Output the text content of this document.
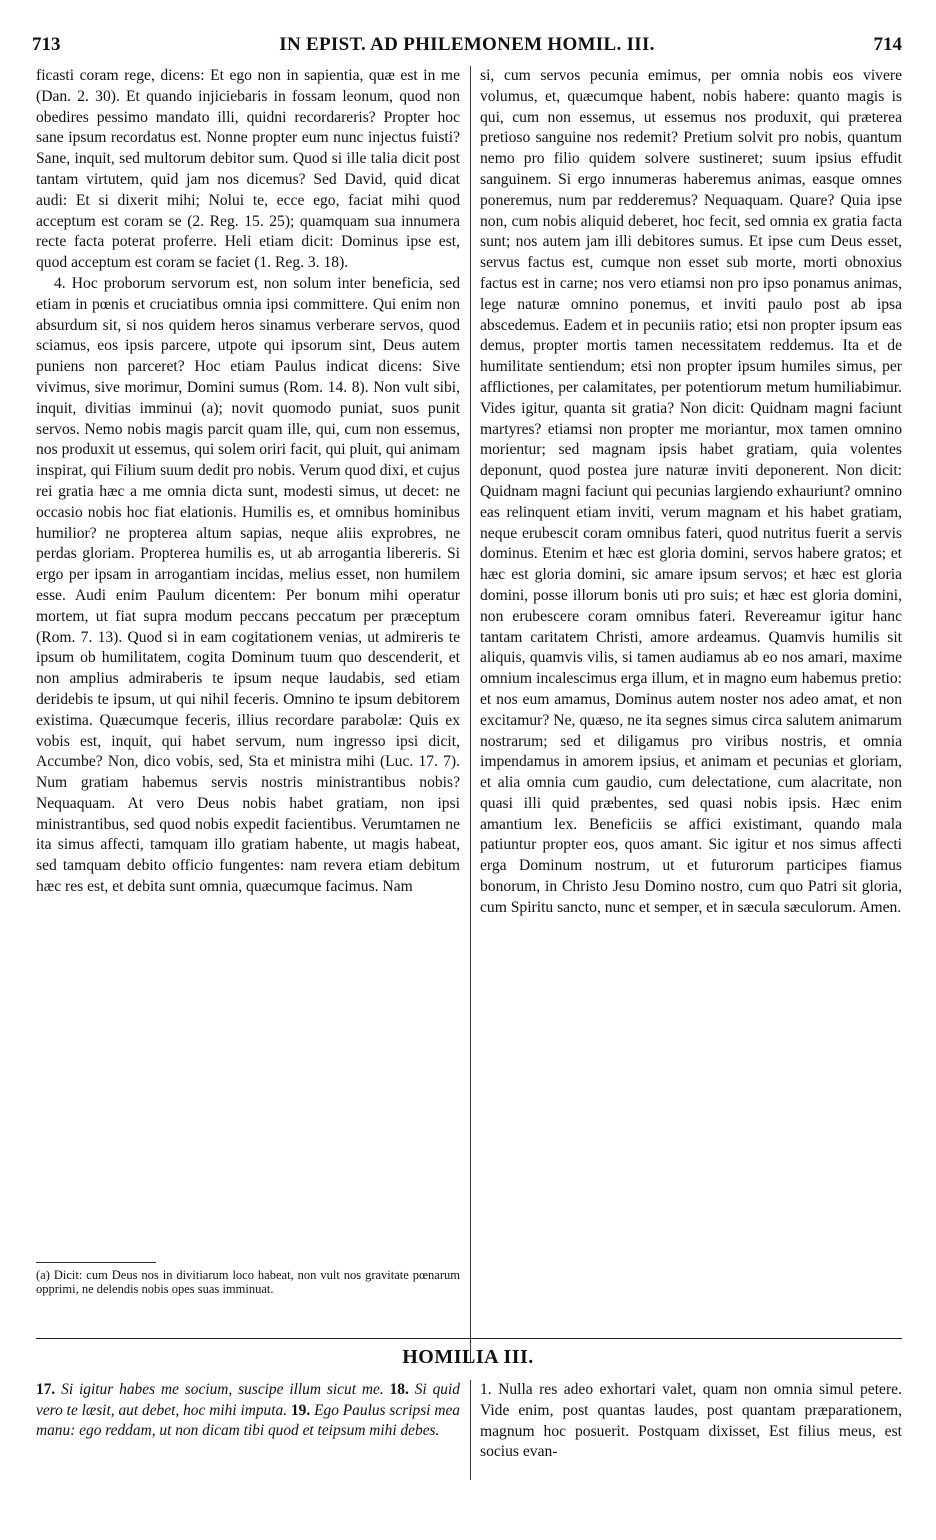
713	IN EPIST. AD PHILEMONEM HOMIL. III.	714

ficasti coram rege, dicens: Et ego non in sapientia, quæ est in me (Dan. 2. 30). Et quando injiciebaris in fossam leonum, quod non obedires pessimo mandato illi, quidni recordareris? Propter hoc sane ipsum recordatus est. Nonne propter eum nunc injectus fuisti? Sane, inquit, sed multorum debitor sum. Quod si ille talia dicit post tantam virtutem, quid jam nos dicemus? Sed David, quid dicat audi: Et si dixerit mihi; Nolui te, ecce ego, faciat mihi quod acceptum est coram se (2. Reg. 15. 25); quamquam sua innumera recte facta poterat proferre. Heli etiam dicit: Dominus ipse est, quod acceptum est coram se faciet (1. Reg. 3. 18).

4. Hoc proborum servorum est, non solum inter beneficia, sed etiam in pœnis et cruciatibus omnia ipsi committere. Qui enim non absurdum sit, si nos quidem heros sinamus verberare servos, quod sciamus, eos ipsis parcere, utpote qui ipsorum sint, Deus autem puniens non parceret? Hoc etiam Paulus indicat dicens: Sive vivimus, sive morimur, Domini sumus (Rom. 14. 8). Non vult sibi, inquit, divitias imminui (a); novit quomodo puniat, suos punit servos. Nemo nobis magis parcit quam ille, qui, cum non essemus, nos produxit ut essemus, qui solem oriri facit, qui pluit, qui animam inspirat, qui Filium suum dedit pro nobis. Verum quod dixi, et cujus rei gratia hæc a me omnia dicta sunt, modesti simus, ut decet: ne occasio nobis hoc fiat elationis. Humilis es, et omnibus hominibus humilior? ne propterea altum sapias, neque aliis exprobres, ne perdas gloriam. Propterea humilis es, ut ab arrogantia libereris. Si ergo per ipsam in arrogantiam incidas, melius esset, non humilem esse. Audi enim Paulum dicentem: Per bonum mihi operatur mortem, ut fiat supra modum peccans peccatum per præceptum (Rom. 7. 13). Quod si in eam cogitationem venias, ut admireris te ipsum ob humilitatem, cogita Dominum tuum quo descenderit, et non amplius admiraberis te ipsum neque laudabis, sed etiam deridebis te ipsum, ut qui nihil feceris. Omnino te ipsum debitorem existima. Quæcumque feceris, illius recordare parabolæ: Quis ex vobis est, inquit, qui habet servum, num ingresso ipsi dicit, Accumbe? Non, dico vobis, sed, Sta et ministra mihi (Luc. 17. 7). Num gratiam habemus servis nostris ministrantibus nobis? Nequaquam. At vero Deus nobis habet gratiam, non ipsi ministrantibus, sed quod nobis expedit facientibus. Verumtamen ne ita simus affecti, tamquam illo gratiam habente, ut magis habeat, sed tamquam debito officio fungentes: nam revera etiam debitum hæc res est, et debita sunt omnia, quæcumque facimus. Nam

si, cum servos pecunia emimus, per omnia nobis eos vivere volumus, et, quæcumque habent, nobis habere: quanto magis is qui, cum non essemus, ut essemus nos produxit, qui præterea pretioso sanguine nos redemit? Pretium solvit pro nobis, quantum nemo pro filio quidem solvere sustineret; suum ipsius effudit sanguinem. Si ergo innumeras haberemus animas, easque omnes poneremus, num par redderemus? Nequaquam. Quare? Quia ipse non, cum nobis aliquid deberet, hoc fecit, sed omnia ex gratia facta sunt; nos autem jam illi debitores sumus. Et ipse cum Deus esset, servus factus est, cumque non esset sub morte, morti obnoxius factus est in carne; nos vero etiamsi non pro ipso ponamus animas, lege naturæ omnino ponemus, et inviti paulo post ab ipsa abscedemus. Eadem et in pecuniis ratio; etsi non propter ipsum eas demus, propter mortis tamen necessitatem reddemus. Ita et de humilitate sentiendum; etsi non propter ipsum humiles simus, per afflictiones, per calamitates, per potentiorum metum humiliabimur. Vides igitur, quanta sit gratia? Non dicit: Quidnam magni faciunt martyres? etiamsi non propter me moriantur, mox tamen omnino morientur; sed magnam ipsis habet gratiam, quia volentes deponunt, quod postea jure naturæ inviti deponerent. Non dicit: Quidnam magni faciunt qui pecunias largiendo exhauriunt? omnino eas relinquent etiam inviti, verum magnam et his habet gratiam, neque erubescit coram omnibus fateri, quod nutritus fuerit a servis dominus. Etenim et hæc est gloria domini, servos habere gratos; et hæc est gloria domini, sic amare ipsum servos; et hæc est gloria domini, posse illorum bonis uti pro suis; et hæc est gloria domini, non erubescere coram omnibus fateri. Revereamur igitur hanc tantam caritatem Christi, amore ardeamus. Quamvis humilis sit aliquis, quamvis vilis, si tamen audiamus ab eo nos amari, maxime omnium incalescimus erga illum, et in magno eum habemus pretio: et nos eum amamus, Dominus autem noster nos adeo amat, et non excitamur? Ne, quæso, ne ita segnes simus circa salutem animarum nostrarum; sed et diligamus pro viribus nostris, et omnia impendamus in amorem ipsius, et animam et pecunias et gloriam, et alia omnia cum gaudio, cum delectatione, cum alacritate, non quasi illi quid præbentes, sed quasi nobis ipsis. Hæc enim amantium lex. Beneficiis se affici existimant, quando mala patiuntur propter eos, quos amant. Sic igitur et nos simus affecti erga Dominum nostrum, ut et futurorum participes fiamus bonorum, in Christo Jesu Domino nostro, cum quo Patri sit gloria, cum Spiritu sancto, nunc et semper, et in sæcula sæculorum. Amen.

(a) Dicit: cum Deus nos in divitiarum loco habeat, non vult nos gravitate pœnarum opprimi, ne delendis nobis opes suas imminuat.
HOMILIA III.
17. Si igitur habes me socium, suscipe illum sicut me. 18. Si quid vero te læsit, aut debet, hoc mihi imputa. 19. Ego Paulus scripsi mea manu: ego reddam, ut non dicam tibi quod et teipsum mihi debes.
1. Nulla res adeo exhortari valet, quam non omnia simul petere. Vide enim, post quantas laudes, post quantam præparationem, magnum hoc posuerit. Postquam dixisset, Est filius meus, est socius evan-
